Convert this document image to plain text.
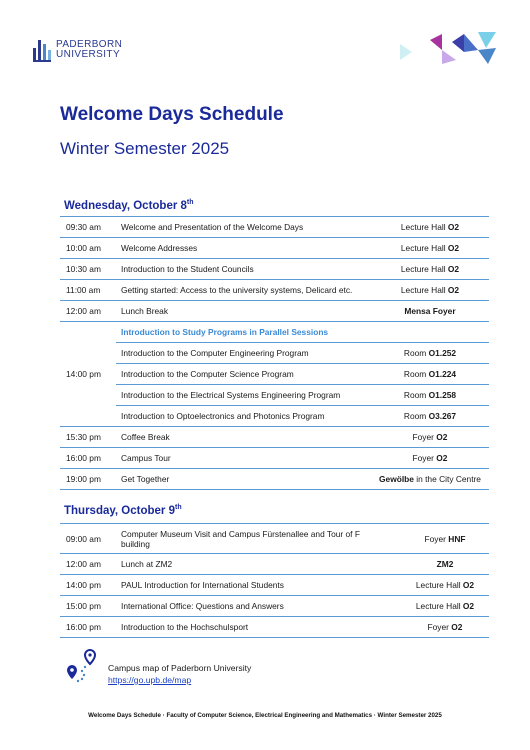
PADERBORN
UNIVERSITY
Welcome Days Schedule
Winter Semester 2025
Wednesday, October 8th
09:30 am	Welcome and Presentation of the Welcome Days	Lecture Hall O2
10:00 am	Welcome Addresses	Lecture Hall O2
10:30 am	Introduction to the Student Councils	Lecture Hall O2
11:00 am	Getting started: Access to the university systems, Delicard etc.	Lecture Hall O2
12:00 am	Lunch Break	Mensa Foyer
14:00 pm	Introduction to Study Programs in Parallel Sessions	
	Introduction to the Computer Engineering Program	Room O1.252
	Introduction to the Computer Science Program	Room O1.224
	Introduction to the Electrical Systems Engineering Program	Room O1.258
	Introduction to Optoelectronics and Photonics Program	Room O3.267
15:30 pm	Coffee Break	Foyer O2
16:00 pm	Campus Tour	Foyer O2
19:00 pm	Get Together	Gewölbe in the City Centre
Thursday, October 9th
09:00 am	Computer Museum Visit and Campus Fürstenallee and Tour of F building	Foyer HNF
12:00 am	Lunch at ZM2	ZM2
14:00 pm	PAUL Introduction for International Students	Lecture Hall O2
15:00 pm	International Office: Questions and Answers	Lecture Hall O2
16:00 pm	Introduction to the Hochschulsport	Foyer O2
Campus map of Paderborn University
https://go.upb.de/map
Welcome Days Schedule · Faculty of Computer Science, Electrical Engineering and Mathematics · Winter Semester 2025
